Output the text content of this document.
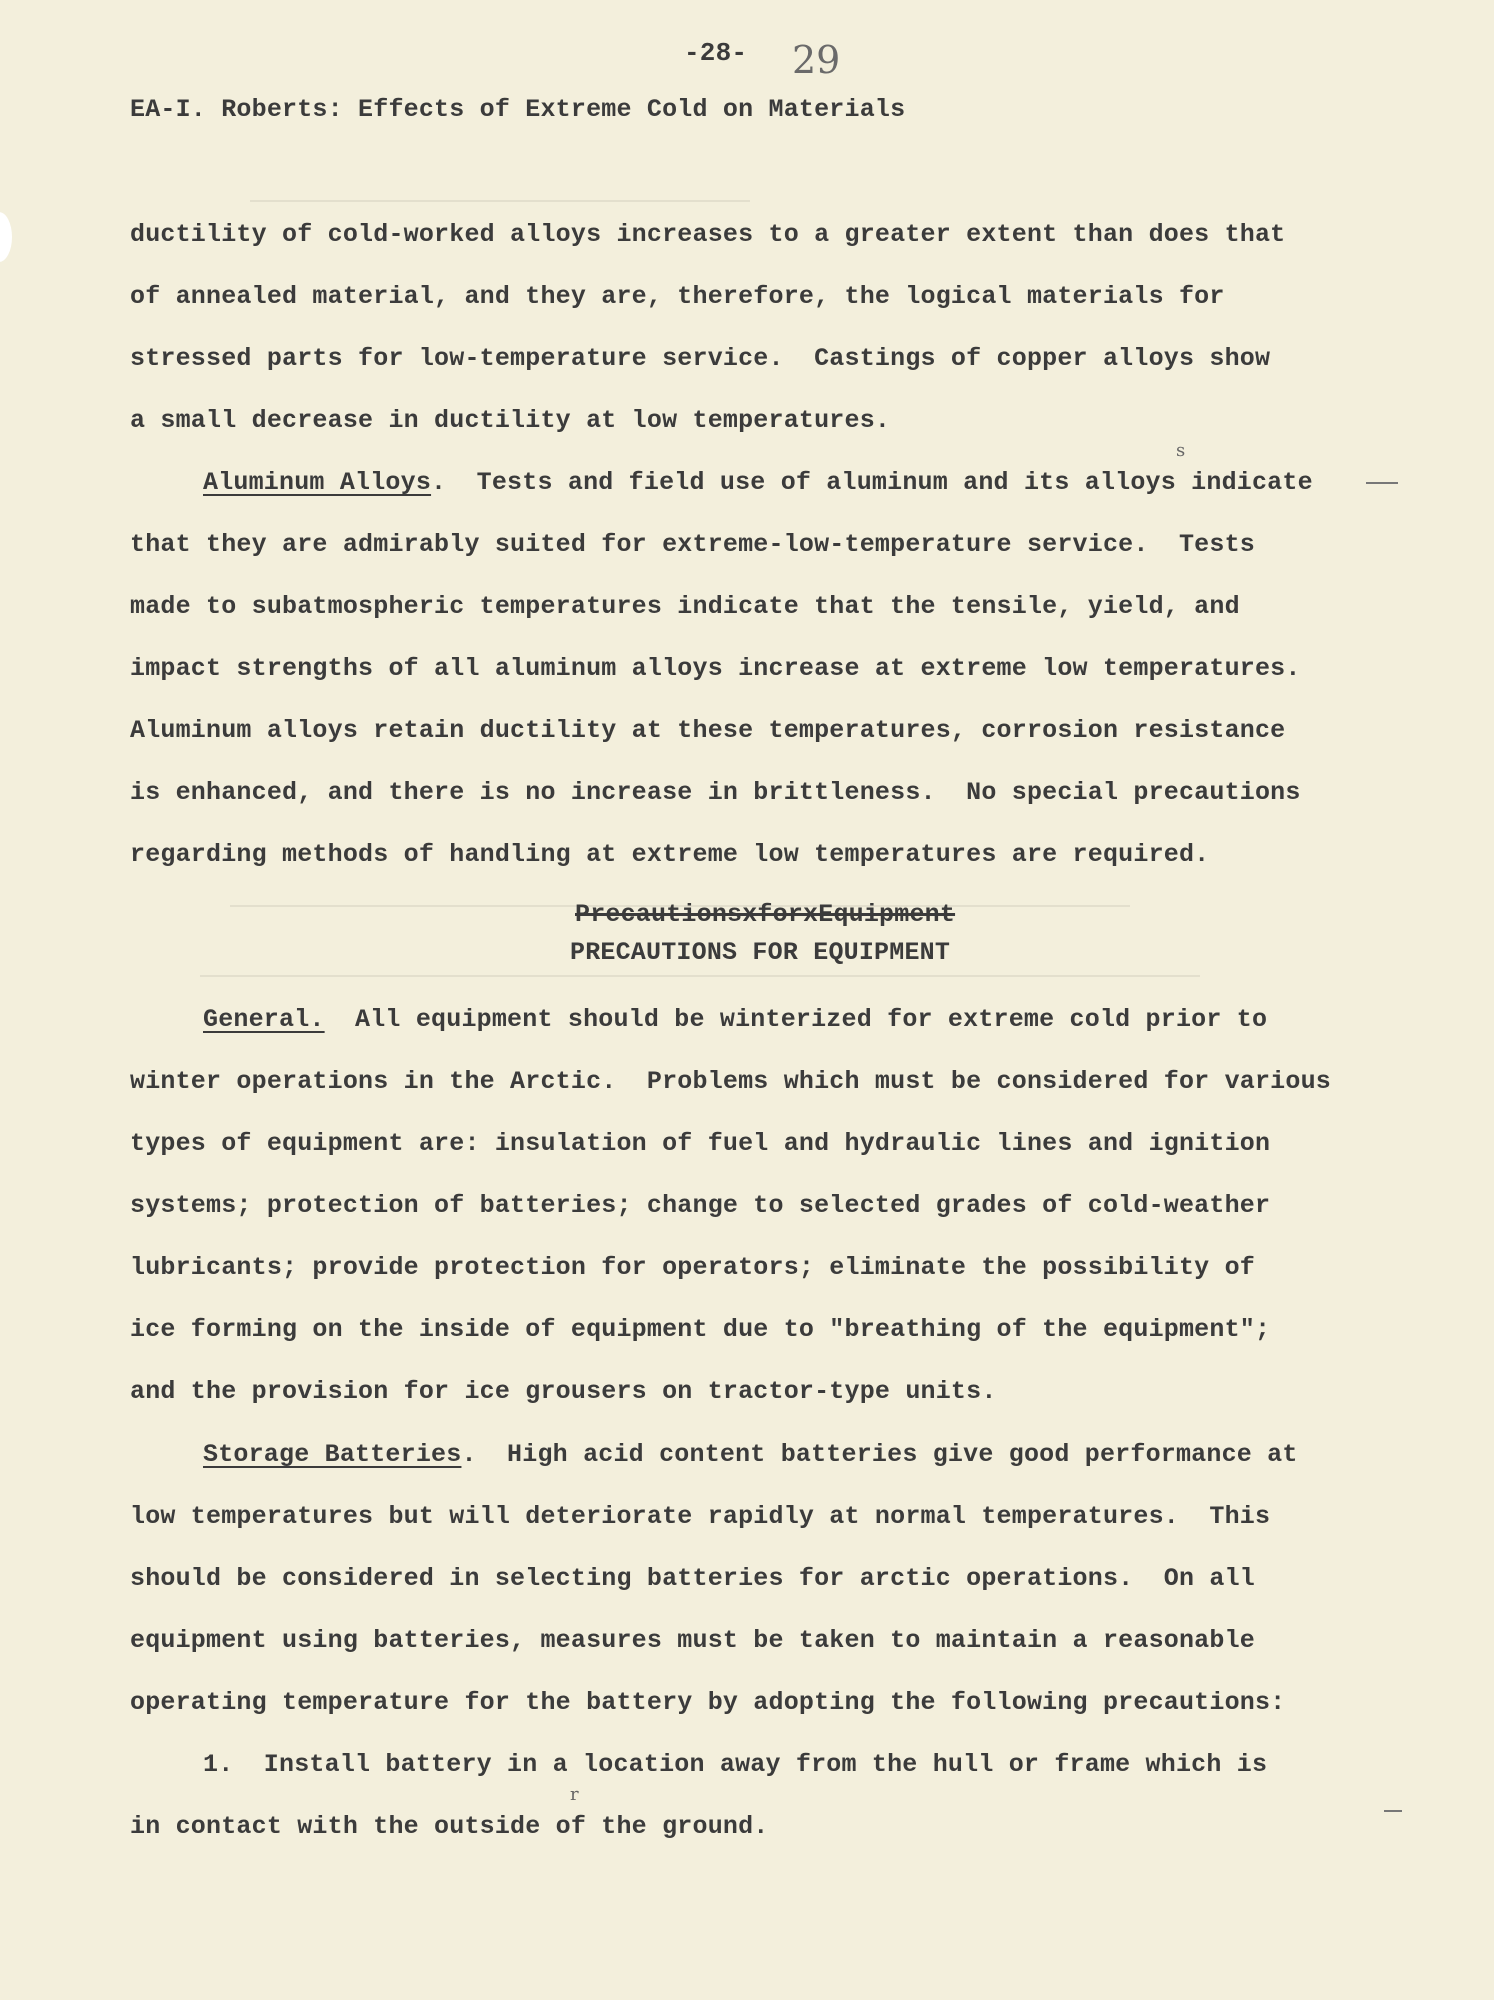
-28- 29
EA-I. Roberts: Effects of Extreme Cold on Materials
ductility of cold-worked alloys increases to a greater extent than does that
of annealed material, and they are, therefore, the logical materials for
stressed parts for low-temperature service.  Castings of copper alloys show
a small decrease in ductility at low temperatures.
s
Aluminum Alloys.  Tests and field use of aluminum and its alloys indicate
that they are admirably suited for extreme-low-temperature service.  Tests
made to subatmospheric temperatures indicate that the tensile, yield, and
impact strengths of all aluminum alloys increase at extreme low temperatures.
Aluminum alloys retain ductility at these temperatures, corrosion resistance
is enhanced, and there is no increase in brittleness.  No special precautions
regarding methods of handling at extreme low temperatures are required.
PrecautionsxforxEquipment
PRECAUTIONS FOR EQUIPMENT
General.  All equipment should be winterized for extreme cold prior to
winter operations in the Arctic.  Problems which must be considered for various
types of equipment are: insulation of fuel and hydraulic lines and ignition
systems; protection of batteries; change to selected grades of cold-weather
lubricants; provide protection for operators; eliminate the possibility of
ice forming on the inside of equipment due to "breathing of the equipment";
and the provision for ice grousers on tractor-type units.
Storage Batteries.  High acid content batteries give good performance at
low temperatures but will deteriorate rapidly at normal temperatures.  This
should be considered in selecting batteries for arctic operations.  On all
equipment using batteries, measures must be taken to maintain a reasonable
operating temperature for the battery by adopting the following precautions:
1.  Install battery in a location away from the hull or frame which is
r
in contact with the outside of the ground.
